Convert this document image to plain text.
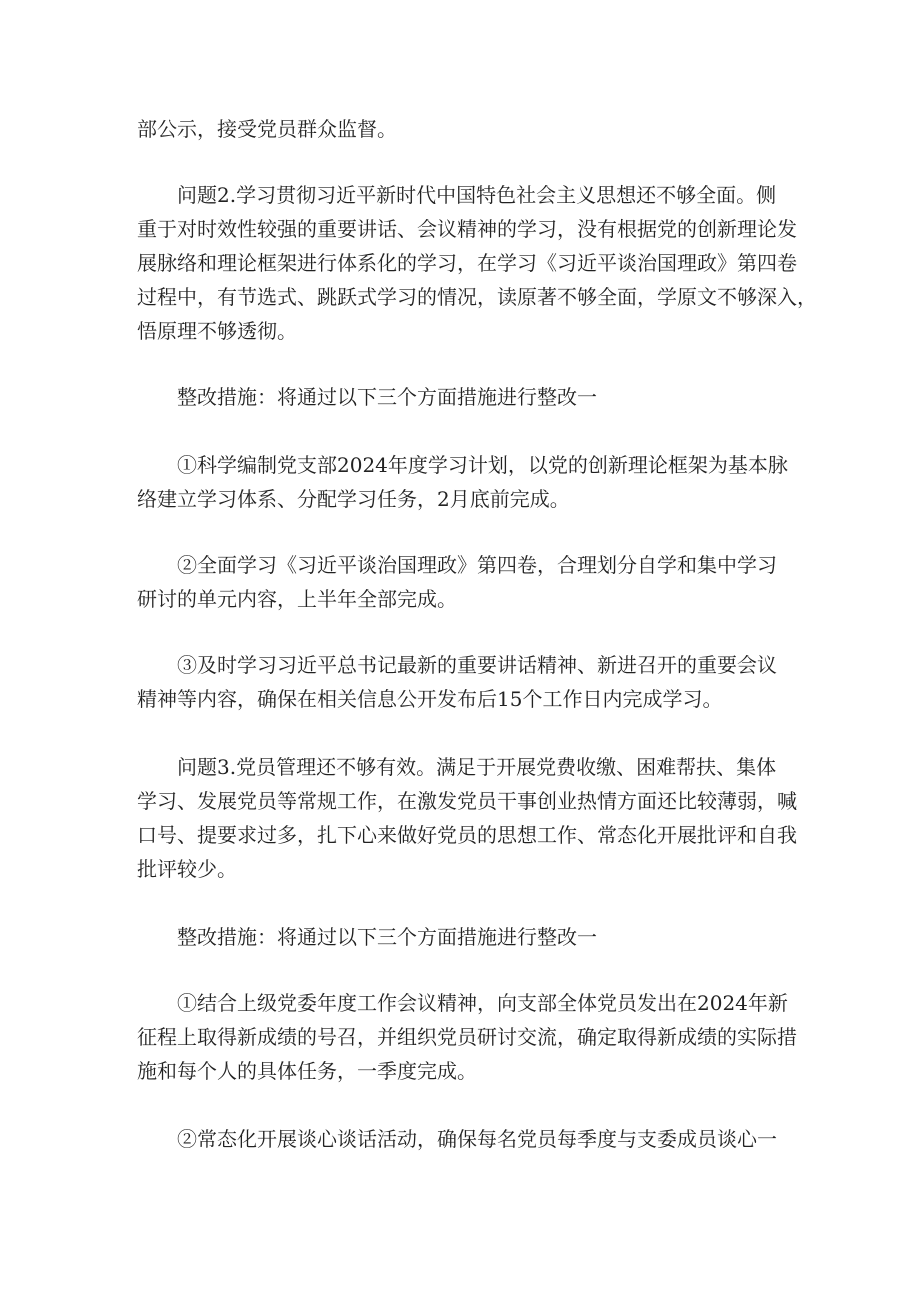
部公示，接受党员群众监督。

问题2.学习贯彻习近平新时代中国特色社会主义思想还不够全面。侧

重于对时效性较强的重要讲话、会议精神的学习，没有根据党的创新理论发

展脉络和理论框架进行体系化的学习，在学习《习近平谈治国理政》第四卷

过程中，有节选式、跳跃式学习的情况，读原著不够全面，学原文不够深入，

悟原理不够透彻。

整改措施：将通过以下三个方面措施进行整改一

①科学编制党支部2024年度学习计划，以党的创新理论框架为基本脉

络建立学习体系、分配学习任务，2月底前完成。

②全面学习《习近平谈治国理政》第四卷，合理划分自学和集中学习

研讨的单元内容，上半年全部完成。

③及时学习习近平总书记最新的重要讲话精神、新进召开的重要会议

精神等内容，确保在相关信息公开发布后15个工作日内完成学习。

问题3.党员管理还不够有效。满足于开展党费收缴、困难帮扶、集体

学习、发展党员等常规工作，在激发党员干事创业热情方面还比较薄弱，喊

口号、提要求过多，扎下心来做好党员的思想工作、常态化开展批评和自我

批评较少。

整改措施：将通过以下三个方面措施进行整改一

①结合上级党委年度工作会议精神，向支部全体党员发出在2024年新

征程上取得新成绩的号召，并组织党员研讨交流，确定取得新成绩的实际措

施和每个人的具体任务，一季度完成。

②常态化开展谈心谈话活动，确保每名党员每季度与支委成员谈心一
